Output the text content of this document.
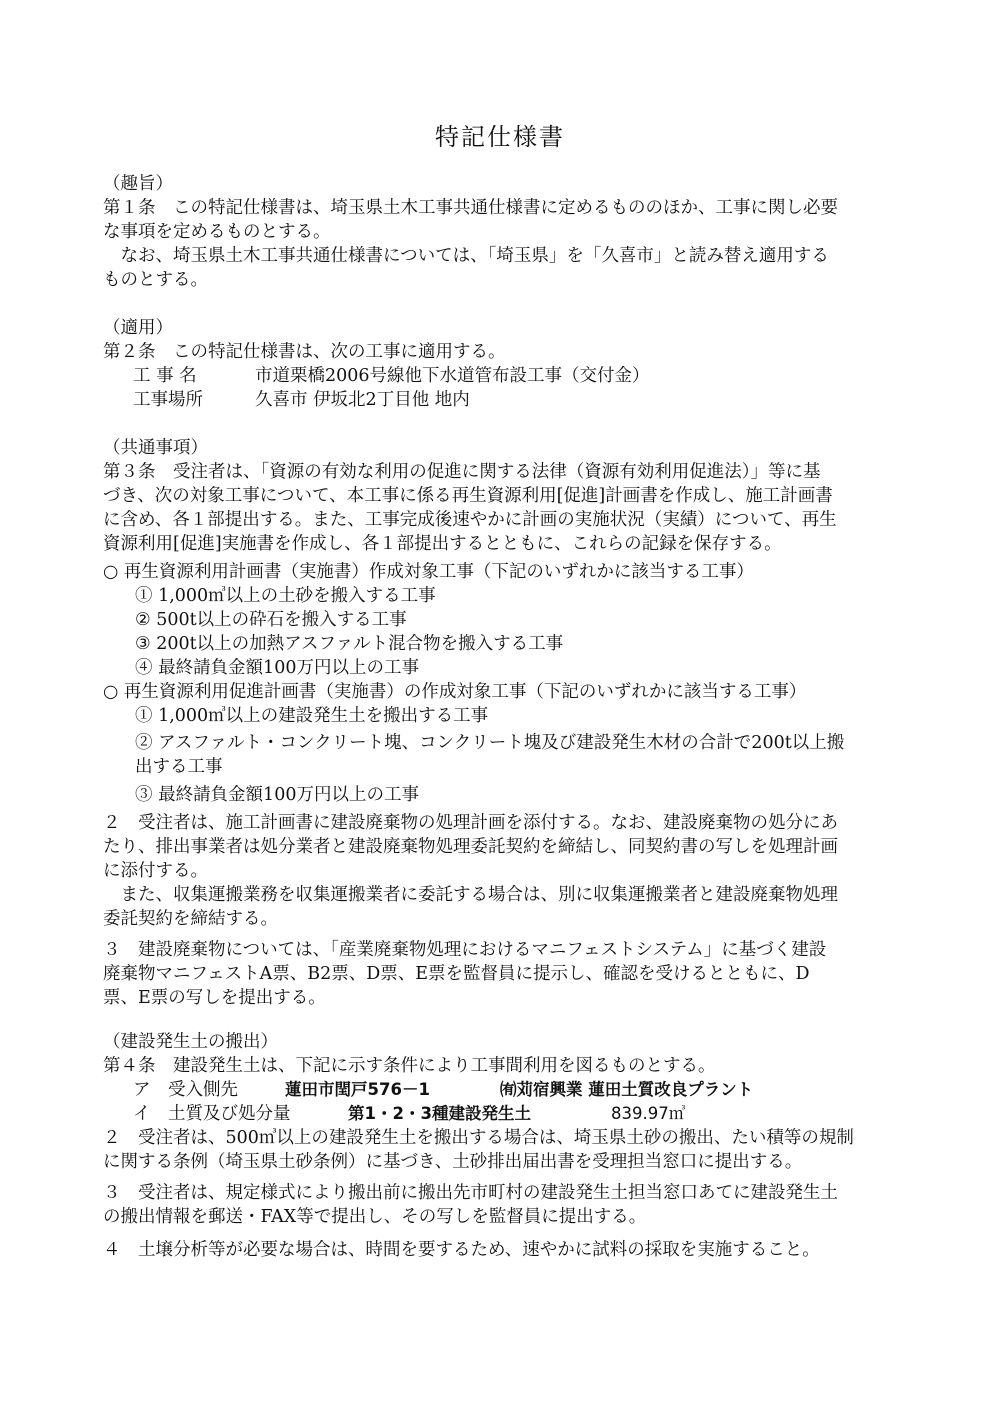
特記仕様書
（趣旨）
第１条　この特記仕様書は、埼玉県土木工事共通仕様書に定めるもののほか、工事に関し必要
な事項を定めるものとする。
　なお、埼玉県土木工事共通仕様書については、「埼玉県」を「久喜市」と読み替え適用する
ものとする。
（適用）
第２条　この特記仕様書は、次の工事に適用する。
工 事 名	市道栗橋2006号線他下水道管布設工事（交付金）
工事場所	久喜市 伊坂北2丁目他 地内
（共通事項）
第３条　受注者は、「資源の有効な利用の促進に関する法律（資源有効利用促進法）」等に基
づき、次の対象工事について、本工事に係る再生資源利用[促進]計画書を作成し、施工計画書
に含め、各１部提出する。また、工事完成後速やかに計画の実施状況（実績）について、再生
資源利用[促進]実施書を作成し、各１部提出するとともに、これらの記録を保存する。
○ 再生資源利用計画書（実施書）作成対象工事（下記のいずれかに該当する工事）
① 1,000㎥以上の土砂を搬入する工事
② 500t以上の砕石を搬入する工事
③ 200t以上の加熱アスファルト混合物を搬入する工事
④ 最終請負金額100万円以上の工事
○ 再生資源利用促進計画書（実施書）の作成対象工事（下記のいずれかに該当する工事）
① 1,000㎥以上の建設発生土を搬出する工事
② アスファルト・コンクリート塊、コンクリート塊及び建設発生木材の合計で200t以上搬
出する工事
③ 最終請負金額100万円以上の工事
２　受注者は、施工計画書に建設廃棄物の処理計画を添付する。なお、建設廃棄物の処分にあ
たり、排出事業者は処分業者と建設廃棄物処理委託契約を締結し、同契約書の写しを処理計画
に添付する。
　また、収集運搬業務を収集運搬業者に委託する場合は、別に収集運搬業者と建設廃棄物処理
委託契約を締結する。
３　建設廃棄物については、「産業廃棄物処理におけるマニフェストシステム」に基づく建設
廃棄物マニフェストA票、B2票、D票、E票を監督員に提示し、確認を受けるとともに、D
票、E票の写しを提出する。
（建設発生土の搬出）
第４条　建設発生土は、下記に示す条件により工事間利用を図るものとする。
ア　受入側先	蓮田市閏戸576－1	㈲苅宿興業 蓮田土質改良プラント
イ　土質及び処分量	第1・2・3種建設発生土	839.97㎥
２　受注者は、500㎥以上の建設発生土を搬出する場合は、埼玉県土砂の搬出、たい積等の規制
に関する条例（埼玉県土砂条例）に基づき、土砂排出届出書を受理担当窓口に提出する。
３　受注者は、規定様式により搬出前に搬出先市町村の建設発生土担当窓口あてに建設発生土
の搬出情報を郵送・FAX等で提出し、その写しを監督員に提出する。
４　土壌分析等が必要な場合は、時間を要するため、速やかに試料の採取を実施すること。
